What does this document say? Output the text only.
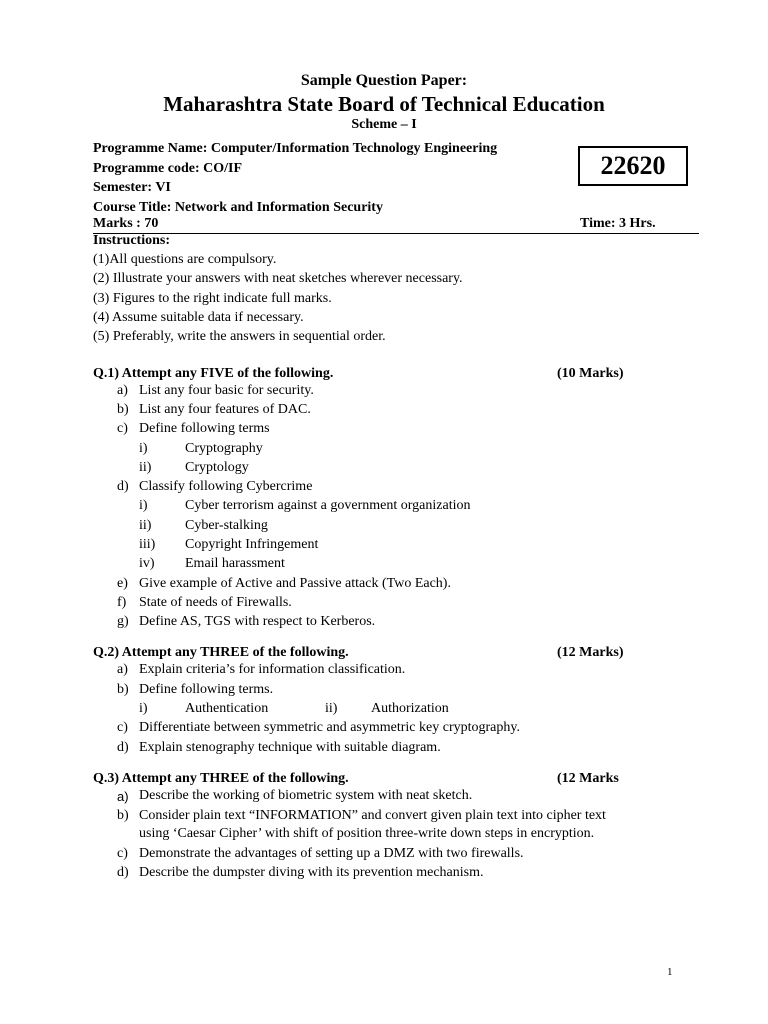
Sample Question Paper:
Maharashtra State Board of Technical Education
Scheme – I
Programme Name: Computer/Information Technology Engineering
Programme code: CO/IF
Semester: VI
Course Title: Network and Information Security
Marks : 70	Time: 3 Hrs.
22620
Instructions:
(1)All questions are compulsory.
(2) Illustrate your answers with neat sketches wherever necessary.
(3) Figures to the right indicate full marks.
(4) Assume suitable data if necessary.
(5) Preferably, write the answers in sequential order.
Q.1) Attempt any FIVE of the following.	(10 Marks)
a) List any four basic for security.
b) List any four features of DAC.
c) Define following terms
i)	Cryptography
ii) Cryptology
d) Classify following Cybercrime
i)	Cyber terrorism against a government organization
ii) Cyber-stalking
iii) Copyright Infringement
iv) Email harassment
e) Give example of Active and Passive attack (Two Each).
f) State of needs of Firewalls.
g) Define AS, TGS with respect to Kerberos.
Q.2) Attempt any THREE of the following.	(12 Marks)
a) Explain criteria’s for information classification.
b) Define following terms.
i)	Authentication	ii) Authorization
c) Differentiate between symmetric and asymmetric key cryptography.
d) Explain stenography technique with suitable diagram.
Q.3) Attempt any THREE of the following.	(12 Marks
a) Describe the working of biometric system with neat sketch.
b) Consider plain text “INFORMATION” and convert given plain text into cipher text
using ‘Caesar Cipher’ with shift of position three-write down steps in encryption.
c) Demonstrate the advantages of setting up a DMZ with two firewalls.
d) Describe the dumpster diving with its prevention mechanism.
1
